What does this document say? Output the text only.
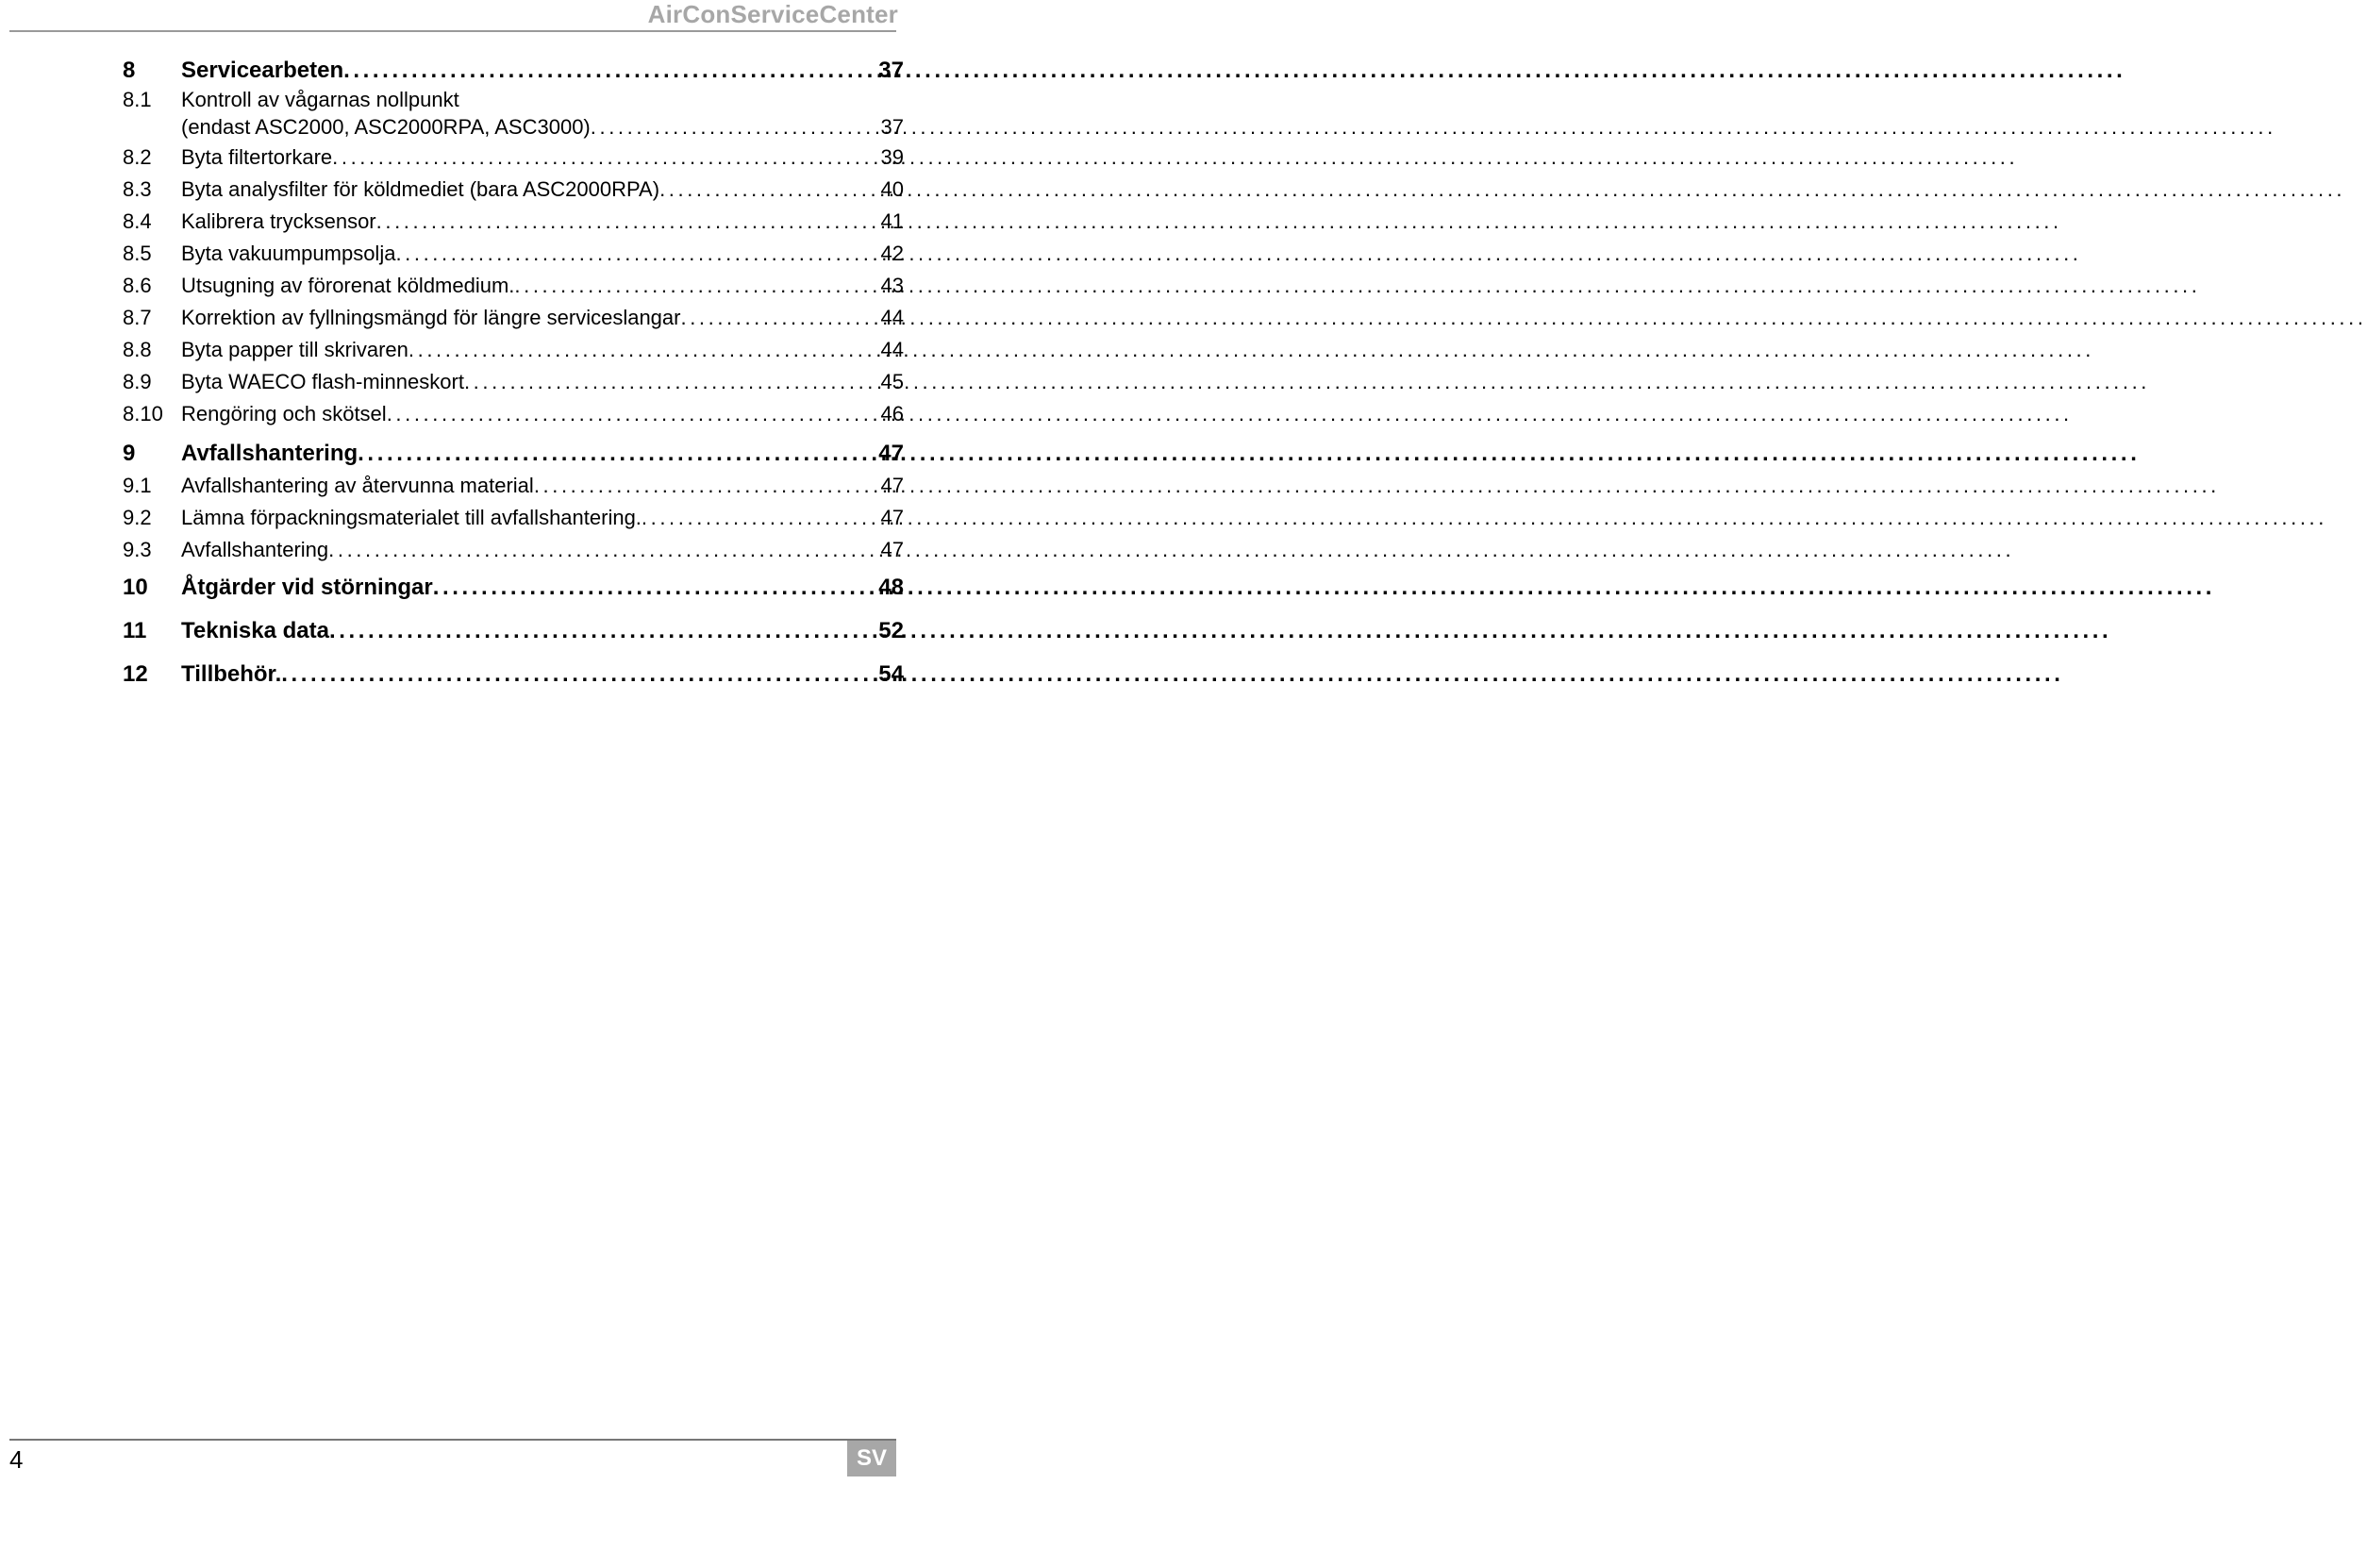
AirConServiceCenter
8	Servicearbeten .....	37
8.1	Kontroll av vågarnas nollpunkt
(endast ASC2000, ASC2000RPA, ASC3000) .....	37
8.2	Byta filtertorkare .....	39
8.3	Byta analysfilter för köldmediet (bara ASC2000RPA) .....	40
8.4	Kalibrera trycksensor .....	41
8.5	Byta vakuumpumpsolja .....	42
8.6	Utsugning av förorenat köldmedium. .....	43
8.7	Korrektion av fyllningsmängd för längre serviceslangar .....	44
8.8	Byta papper till skrivaren .....	44
8.9	Byta WAECO flash-minneskort .....	45
8.10 Rengöring och skötsel .....	46
9	Avfallshantering .....	47
9.1	Avfallshantering av återvunna material .....	47
9.2	Lämna förpackningsmaterialet till avfallshantering. .....	47
9.3	Avfallshantering .....	47
10	Åtgärder vid störningar .....	48
11	Tekniska data .....	52
12	Tillbehör. .....	54
4	SV
